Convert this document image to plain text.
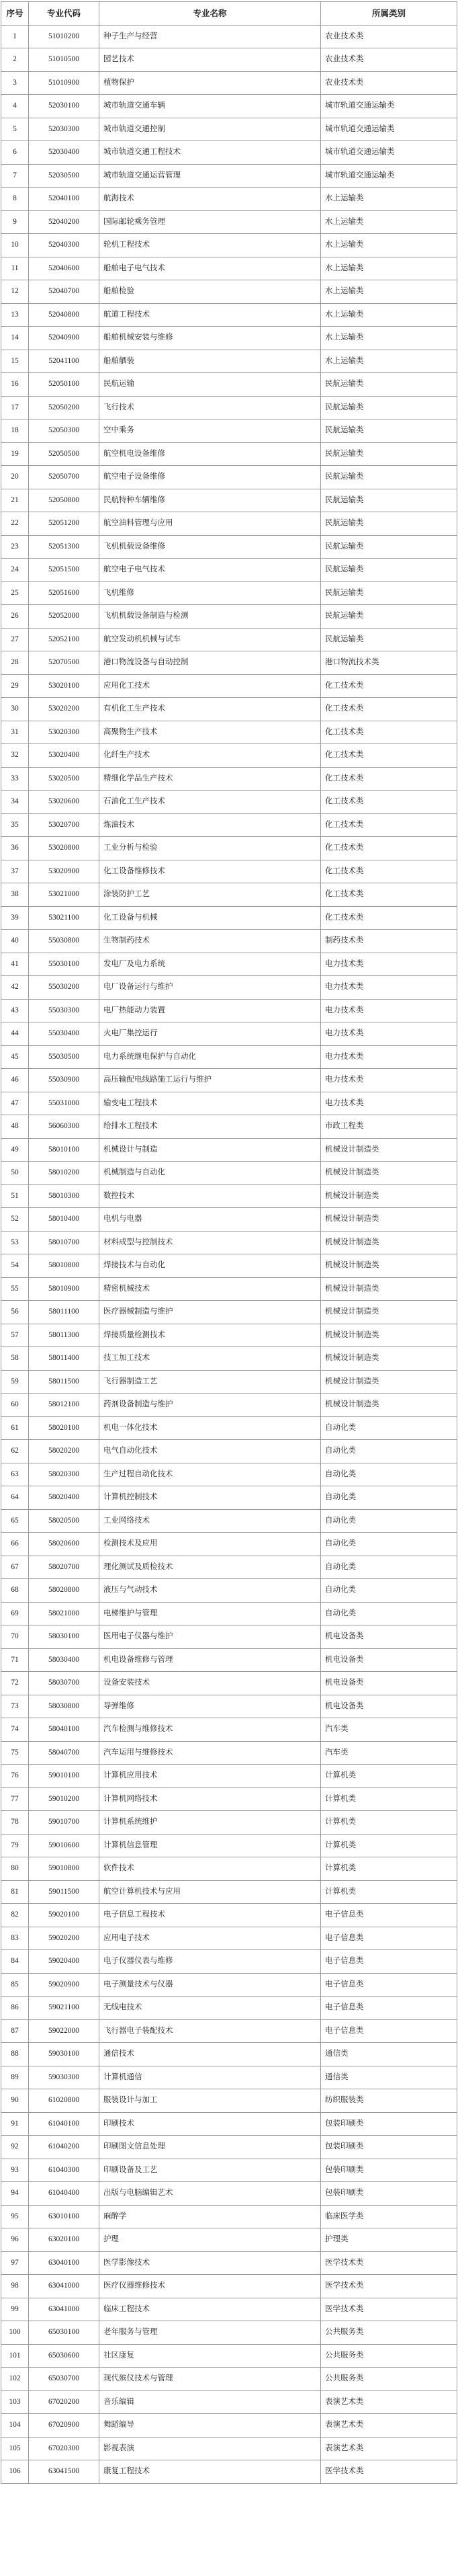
序号	专业代码	专业名称	所属类别
1	51010200	种子生产与经营	农业技术类
2	51010500	园艺技术	农业技术类
3	51010900	植物保护	农业技术类
4	52030100	城市轨道交通车辆	城市轨道交通运输类
5	52030300	城市轨道交通控制	城市轨道交通运输类
6	52030400	城市轨道交通工程技术	城市轨道交通运输类
7	52030500	城市轨道交通运营管理	城市轨道交通运输类
8	52040100	航海技术	水上运输类
9	52040200	国际邮轮乘务管理	水上运输类
10	52040300	轮机工程技术	水上运输类
11	52040600	船舶电子电气技术	水上运输类
12	52040700	船舶检验	水上运输类
13	52040800	航道工程技术	水上运输类
14	52040900	船舶机械安装与维修	水上运输类
15	52041100	船舶舾装	水上运输类
16	52050100	民航运输	民航运输类
17	52050200	飞行技术	民航运输类
18	52050300	空中乘务	民航运输类
19	52050500	航空机电设备维修	民航运输类
20	52050700	航空电子设备维修	民航运输类
21	52050800	民航特种车辆维修	民航运输类
22	52051200	航空油料管理与应用	民航运输类
23	52051300	飞机机载设备维修	民航运输类
24	52051500	航空电子电气技术	民航运输类
25	52051600	飞机维修	民航运输类
26	52052000	飞机机载设备制造与检测	民航运输类
27	52052100	航空发动机机械与试车	民航运输类
28	52070500	港口物流设备与自动控制	港口物流技术类
29	53020100	应用化工技术	化工技术类
30	53020200	有机化工生产技术	化工技术类
31	53020300	高聚物生产技术	化工技术类
32	53020400	化纤生产技术	化工技术类
33	53020500	精细化学品生产技术	化工技术类
34	53020600	石油化工生产技术	化工技术类
35	53020700	炼油技术	化工技术类
36	53020800	工业分析与检验	化工技术类
37	53020900	化工设备维修技术	化工技术类
38	53021000	涂装防护工艺	化工技术类
39	53021100	化工设备与机械	化工技术类
40	55030800	生物制药技术	制药技术类
41	55030100	发电厂及电力系统	电力技术类
42	55030200	电厂设备运行与维护	电力技术类
43	55030300	电厂热能动力装置	电力技术类
44	55030400	火电厂集控运行	电力技术类
45	55030500	电力系统继电保护与自动化	电力技术类
46	55030900	高压输配电线路施工运行与维护	电力技术类
47	55031000	输变电工程技术	电力技术类
48	56060300	给排水工程技术	市政工程类
49	58010100	机械设计与制造	机械设计制造类
50	58010200	机械制造与自动化	机械设计制造类
51	58010300	数控技术	机械设计制造类
52	58010400	电机与电器	机械设计制造类
53	58010700	材料成型与控制技术	机械设计制造类
54	58010800	焊接技术与自动化	机械设计制造类
55	58010900	精密机械技术	机械设计制造类
56	58011100	医疗器械制造与维护	机械设计制造类
57	58011300	焊接质量检测技术	机械设计制造类
58	58011400	技工加工技术	机械设计制造类
59	58011500	飞行器制造工艺	机械设计制造类
60	58012100	药剂设备制造与维护	机械设计制造类
61	58020100	机电一体化技术	自动化类
62	58020200	电气自动化技术	自动化类
63	58020300	生产过程自动化技术	自动化类
64	58020400	计算机控制技术	自动化类
65	58020500	工业网络技术	自动化类
66	58020600	检测技术及应用	自动化类
67	58020700	理化测试及质检技术	自动化类
68	58020800	液压与气动技术	自动化类
69	58021000	电梯维护与管理	自动化类
70	58030100	医用电子仪器与维护	机电设备类
71	58030400	机电设备维修与管理	机电设备类
72	58030700	设备安装技术	机电设备类
73	58030800	导弹维修	机电设备类
74	58040100	汽车检测与维修技术	汽车类
75	58040700	汽车运用与维修技术	汽车类
76	59010100	计算机应用技术	计算机类
77	59010200	计算机网络技术	计算机类
78	59010700	计算机系统维护	计算机类
79	59010600	计算机信息管理	计算机类
80	59010800	软件技术	计算机类
81	59011500	航空计算机技术与应用	计算机类
82	59020100	电子信息工程技术	电子信息类
83	59020200	应用电子技术	电子信息类
84	59020400	电子仪器仪表与维修	电子信息类
85	59020900	电子测量技术与仪器	电子信息类
86	59021100	无线电技术	电子信息类
87	59022000	飞行器电子装配技术	电子信息类
88	59030100	通信技术	通信类
89	59030300	计算机通信	通信类
90	61020800	服装设计与加工	纺织服装类
91	61040100	印刷技术	包装印刷类
92	61040200	印刷图文信息处理	包装印刷类
93	61040300	印刷设备及工艺	包装印刷类
94	61040400	出版与电脑编辑艺术	包装印刷类
95	63010100	麻醉学	临床医学类
96	63020100	护理	护理类
97	63040100	医学影像技术	医学技术类
98	63041000	医疗仪器维修技术	医学技术类
99	63041000	临床工程技术	医学技术类
100	65030100	老年服务与管理	公共服务类
101	65030600	社区康复	公共服务类
102	65030700	现代殡仪技术与管理	公共服务类
103	67020200	音乐编辑	表演艺术类
104	67020900	舞蹈编导	表演艺术类
105	67020300	影视表演	表演艺术类
106	63041500	康复工程技术	医学技术类
